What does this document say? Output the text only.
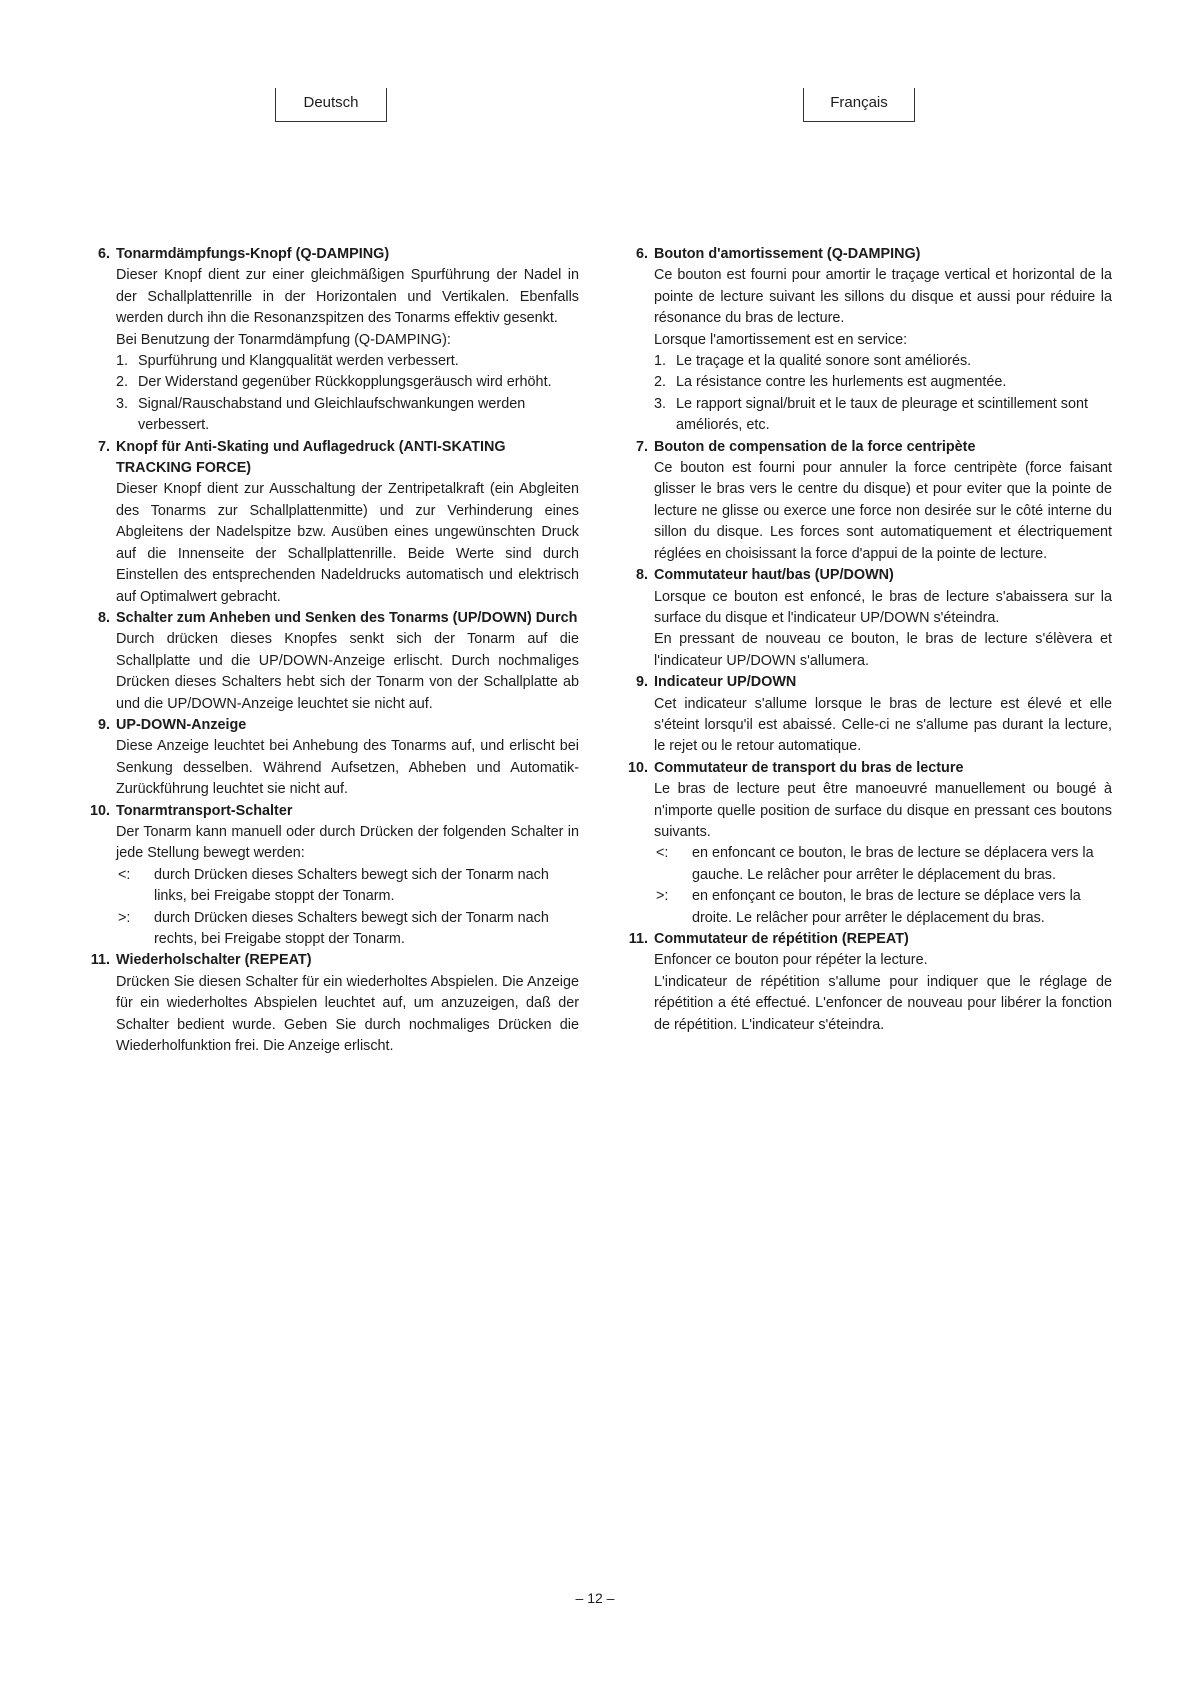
Deutsch	Français
6. Tonarmdämpfungs-Knopf (Q-DAMPING)
Dieser Knopf dient zur einer gleichmäßigen Spurführung der Nadel in der Schallplattenrille in der Horizontalen und Vertikalen. Ebenfalls werden durch ihn die Resonanzspitzen des Tonarms effektiv gesenkt.
Bei Benutzung der Tonarmdämpfung (Q-DAMPING):
1. Spurführung und Klangqualität werden verbessert.
2. Der Widerstand gegenüber Rückkopplungsgeräusch wird erhöht.
3. Signal/Rauschabstand und Gleichlaufschwankungen werden verbessert.
7. Knopf für Anti-Skating und Auflagedruck (ANTI-SKATING TRACKING FORCE)
Dieser Knopf dient zur Ausschaltung der Zentripetalkraft (ein Abgleiten des Tonarms zur Schallplattenmitte) und zur Verhinderung eines Abgleitens der Nadelspitze bzw. Ausüben eines ungewünschten Druck auf die Innenseite der Schallplattenrille. Beide Werte sind durch Einstellen des entsprechenden Nadeldrucks automatisch und elektrisch auf Optimalwert gebracht.
8. Schalter zum Anheben und Senken des Tonarms (UP/DOWN) Durch
Durch drücken dieses Knopfes senkt sich der Tonarm auf die Schallplatte und die UP/DOWN-Anzeige erlischt. Durch nochmaliges Drücken dieses Schalters hebt sich der Tonarm von der Schallplatte ab und die UP/DOWN-Anzeige leuchtet sie nicht auf.
9. UP-DOWN-Anzeige
Diese Anzeige leuchtet bei Anhebung des Tonarms auf, und erlischt bei Senkung desselben. Während Aufsetzen, Abheben und Automatik-Zurückführung leuchtet sie nicht auf.
10. Tonarmtransport-Schalter
Der Tonarm kann manuell oder durch Drücken der folgenden Schalter in jede Stellung bewegt werden:
<: durch Drücken dieses Schalters bewegt sich der Tonarm nach links, bei Freigabe stoppt der Tonarm.
>: durch Drücken dieses Schalters bewegt sich der Tonarm nach rechts, bei Freigabe stoppt der Tonarm.
11. Wiederholschalter (REPEAT)
Drücken Sie diesen Schalter für ein wiederholtes Abspielen. Die Anzeige für ein wiederholtes Abspielen leuchtet auf, um anzuzeigen, daß der Schalter bedient wurde. Geben Sie durch nochmaliges Drücken die Wiederholfunktion frei. Die Anzeige erlischt.
6. Bouton d'amortissement (Q-DAMPING)
Ce bouton est fourni pour amortir le traçage vertical et horizontal de la pointe de lecture suivant les sillons du disque et aussi pour réduire la résonance du bras de lecture.
Lorsque l'amortissement est en service:
1. Le traçage et la qualité sonore sont améliorés.
2. La résistance contre les hurlements est augmentée.
3. Le rapport signal/bruit et le taux de pleurage et scintillement sont améliorés, etc.
7. Bouton de compensation de la force centripète
Ce bouton est fourni pour annuler la force centripète (force faisant glisser le bras vers le centre du disque) et pour eviter que la pointe de lecture ne glisse ou exerce une force non desirée sur le côté interne du sillon du disque. Les forces sont automatiquement et électriquement réglées en choisissant la force d'appui de la pointe de lecture.
8. Commutateur haut/bas (UP/DOWN)
Lorsque ce bouton est enfoncé, le bras de lecture s'abaissera sur la surface du disque et l'indicateur UP/DOWN s'éteindra.
En pressant de nouveau ce bouton, le bras de lecture s'élèvera et l'indicateur UP/DOWN s'allumera.
9. Indicateur UP/DOWN
Cet indicateur s'allume lorsque le bras de lecture est élevé et elle s'éteint lorsqu'il est abaissé. Celle-ci ne s'allume pas durant la lecture, le rejet ou le retour automatique.
10. Commutateur de transport du bras de lecture
Le bras de lecture peut être manoeuvré manuellement ou bougé à n'importe quelle position de surface du disque en pressant ces boutons suivants.
<: en enfoncant ce bouton, le bras de lecture se déplacera vers la gauche. Le relâcher pour arrêter le déplacement du bras.
>: en enfonçant ce bouton, le bras de lecture se déplace vers la droite. Le relâcher pour arrêter le déplacement du bras.
11. Commutateur de répétition (REPEAT)
Enfoncer ce bouton pour répéter la lecture.
L'indicateur de répétition s'allume pour indiquer que le réglage de répétition a été effectué. L'enfoncer de nouveau pour libérer la fonction de répétition. L'indicateur s'éteindra.
– 12 –
